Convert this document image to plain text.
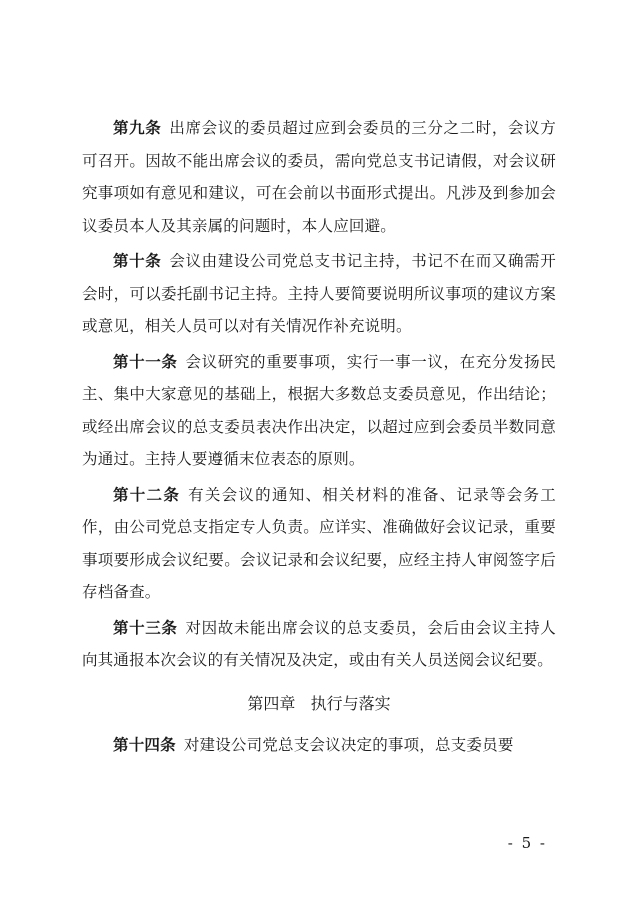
第九条 出席会议的委员超过应到会委员的三分之二时，会议方可召开。因故不能出席会议的委员，需向党总支书记请假，对会议研究事项如有意见和建议，可在会前以书面形式提出。凡涉及到参加会议委员本人及其亲属的问题时，本人应回避。

第十条 会议由建设公司党总支书记主持，书记不在而又确需开会时，可以委托副书记主持。主持人要简要说明所议事项的建议方案或意见，相关人员可以对有关情况作补充说明。

第十一条 会议研究的重要事项，实行一事一议，在充分发扬民主、集中大家意见的基础上，根据大多数总支委员意见，作出结论；或经出席会议的总支委员表决作出决定，以超过应到会委员半数同意为通过。主持人要遵循末位表态的原则。

第十二条 有关会议的通知、相关材料的准备、记录等会务工作，由公司党总支指定专人负责。应详实、准确做好会议记录，重要事项要形成会议纪要。会议记录和会议纪要，应经主持人审阅签字后存档备查。

第十三条 对因故未能出席会议的总支委员，会后由会议主持人向其通报本次会议的有关情况及决定，或由有关人员送阅会议纪要。

第四章 执行与落实

第十四条 对建设公司党总支会议决定的事项，总支委员要

- 5 -
